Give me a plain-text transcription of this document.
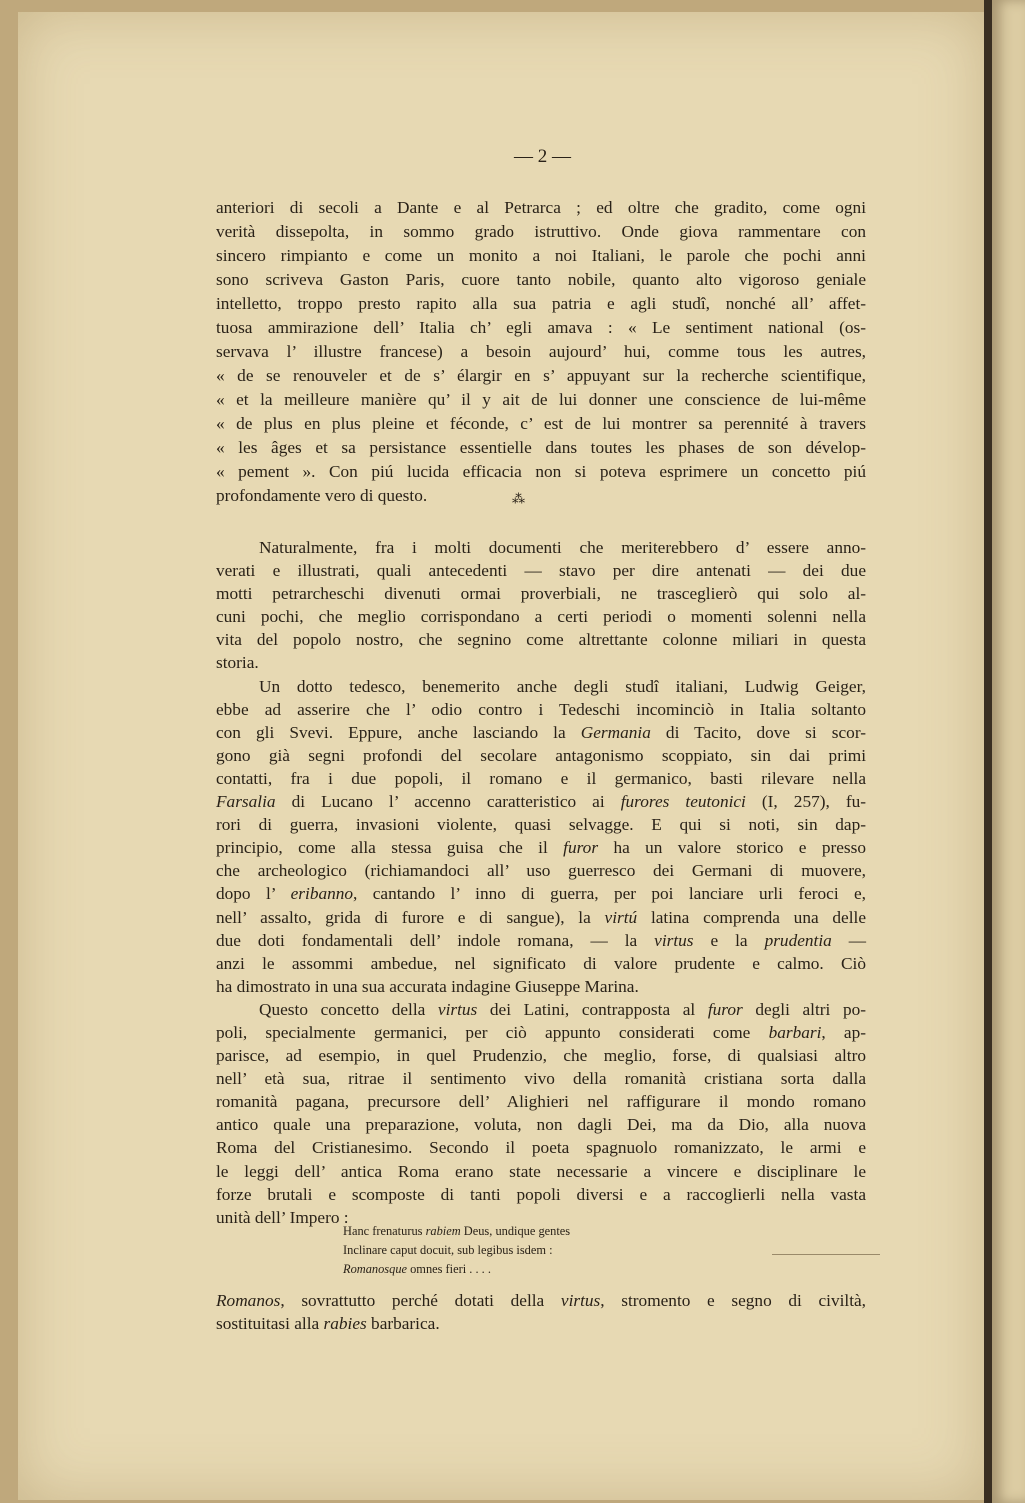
— 2 —
anteriori di secoli a Dante e al Petrarca ; ed oltre che gradito, come ogni
verità dissepolta, in sommo grado istruttivo. Onde giova rammentare con
sincero rimpianto e come un monito a noi Italiani, le parole che pochi anni
sono scriveva Gaston Paris, cuore tanto nobile, quanto alto vigoroso geniale
intelletto, troppo presto rapito alla sua patria e agli studî, nonché all’ affet-
tuosa ammirazione dell’ Italia ch’ egli amava : « Le sentiment national (os-
servava l’ illustre francese) a besoin aujourd’ hui, comme tous les autres,
« de se renouveler et de s’ élargir en s’ appuyant sur la recherche scientifique,
« et la meilleure manière qu’ il y ait de lui donner une conscience de lui-même
« de plus en plus pleine et féconde, c’ est de lui montrer sa perennité à travers
« les âges et sa persistance essentielle dans toutes les phases de son dévelop-
« pement ». Con piú lucida efficacia non si poteva esprimere un concetto piú
profondamente vero di questo.	⁂
Naturalmente, fra i molti documenti che meriterebbero d’ essere anno-
verati e illustrati, quali antecedenti — stavo per dire antenati — dei due
motti petrarcheschi divenuti ormai proverbiali, ne trasceglierò qui solo al-
cuni pochi, che meglio corrispondano a certi periodi o momenti solenni nella
vita del popolo nostro, che segnino come altrettante colonne miliari in questa
storia.
Un dotto tedesco, benemerito anche degli studî italiani, Ludwig Geiger,
ebbe ad asserire che l’ odio contro i Tedeschi incominciò in Italia soltanto
con gli Svevi. Eppure, anche lasciando la Germania di Tacito, dove si scor-
gono già segni profondi del secolare antagonismo scoppiato, sin dai primi
contatti, fra i due popoli, il romano e il germanico, basti rilevare nella
Farsalia di Lucano l’ accenno caratteristico ai furores teutonici (I, 257), fu-
rori di guerra, invasioni violente, quasi selvagge. E qui si noti, sin dap-
principio, come alla stessa guisa che il furor ha un valore storico e presso
che archeologico (richiamandoci all’ uso guerresco dei Germani di muovere,
dopo l’ eribanno, cantando l’ inno di guerra, per poi lanciare urli feroci e,
nell’ assalto, grida di furore e di sangue), la virtú latina comprenda una delle
due doti fondamentali dell’ indole romana, — la virtus e la prudentia —
anzi le assommi ambedue, nel significato di valore prudente e calmo. Ciò
ha dimostrato in una sua accurata indagine Giuseppe Marina.
Questo concetto della virtus dei Latini, contrapposta al furor degli altri po-
poli, specialmente germanici, per ciò appunto considerati come barbari, ap-
parisce, ad esempio, in quel Prudenzio, che meglio, forse, di qualsiasi altro
nell’ età sua, ritrae il sentimento vivo della romanità cristiana sorta dalla
romanità pagana, precursore dell’ Alighieri nel raffigurare il mondo romano
antico quale una preparazione, voluta, non dagli Dei, ma da Dio, alla nuova
Roma del Cristianesimo. Secondo il poeta spagnuolo romanizzato, le armi e
le leggi dell’ antica Roma erano state necessarie a vincere e disciplinare le
forze brutali e scomposte di tanti popoli diversi e a raccoglierli nella vasta
unità dell’ Impero :
Hanc frenaturus rabiem Deus, undique gentes
Inclinare caput docuit, sub legibus isdem :
Romanosque omnes fieri . . . .
Romanos, sovrattutto perché dotati della virtus, stromento e segno di civiltà,
sostituitasi alla rabies barbarica.
